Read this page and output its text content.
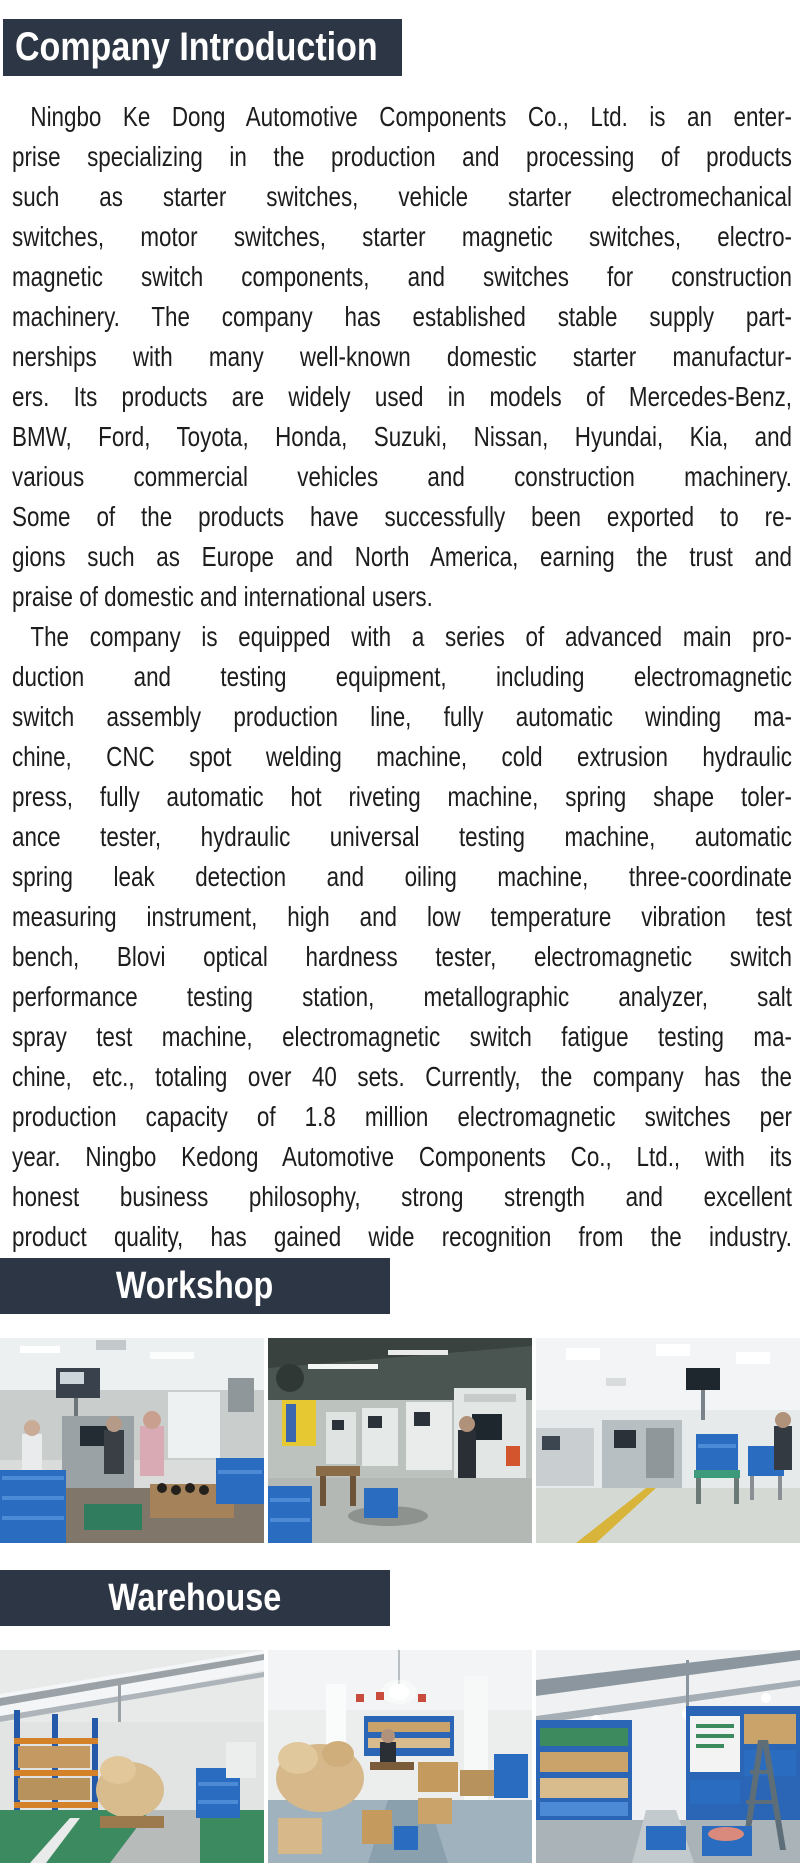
Company Introduction
Ningbo Ke Dong Automotive Components Co., Ltd. is an enter-
prise specializing in the production and processing of products
such as starter switches, vehicle starter electromechanical
switches, motor switches, starter magnetic switches, electro-
magnetic switch components, and switches for construction
machinery. The company has established stable supply part-
nerships with many well-known domestic starter manufactur-
ers. Its products are widely used in models of Mercedes-Benz,
BMW, Ford, Toyota, Honda, Suzuki, Nissan, Hyundai, Kia, and
various commercial vehicles and construction machinery.
Some of the products have successfully been exported to re-
gions such as Europe and North America, earning the trust and
praise of domestic and international users.
The company is equipped with a series of advanced main pro-
duction and testing equipment, including electromagnetic
switch assembly production line, fully automatic winding ma-
chine, CNC spot welding machine, cold extrusion hydraulic
press, fully automatic hot riveting machine, spring shape toler-
ance tester, hydraulic universal testing machine, automatic
spring leak detection and oiling machine, three-coordinate
measuring instrument, high and low temperature vibration test
bench, Blovi optical hardness tester, electromagnetic switch
performance testing station, metallographic analyzer, salt
spray test machine, electromagnetic switch fatigue testing ma-
chine, etc., totaling over 40 sets. Currently, the company has the
production capacity of 1.8 million electromagnetic switches per
year. Ningbo Kedong Automotive Components Co., Ltd., with its
honest business philosophy, strong strength and excellent
product quality, has gained wide recognition from the industry.
Workshop
Warehouse
